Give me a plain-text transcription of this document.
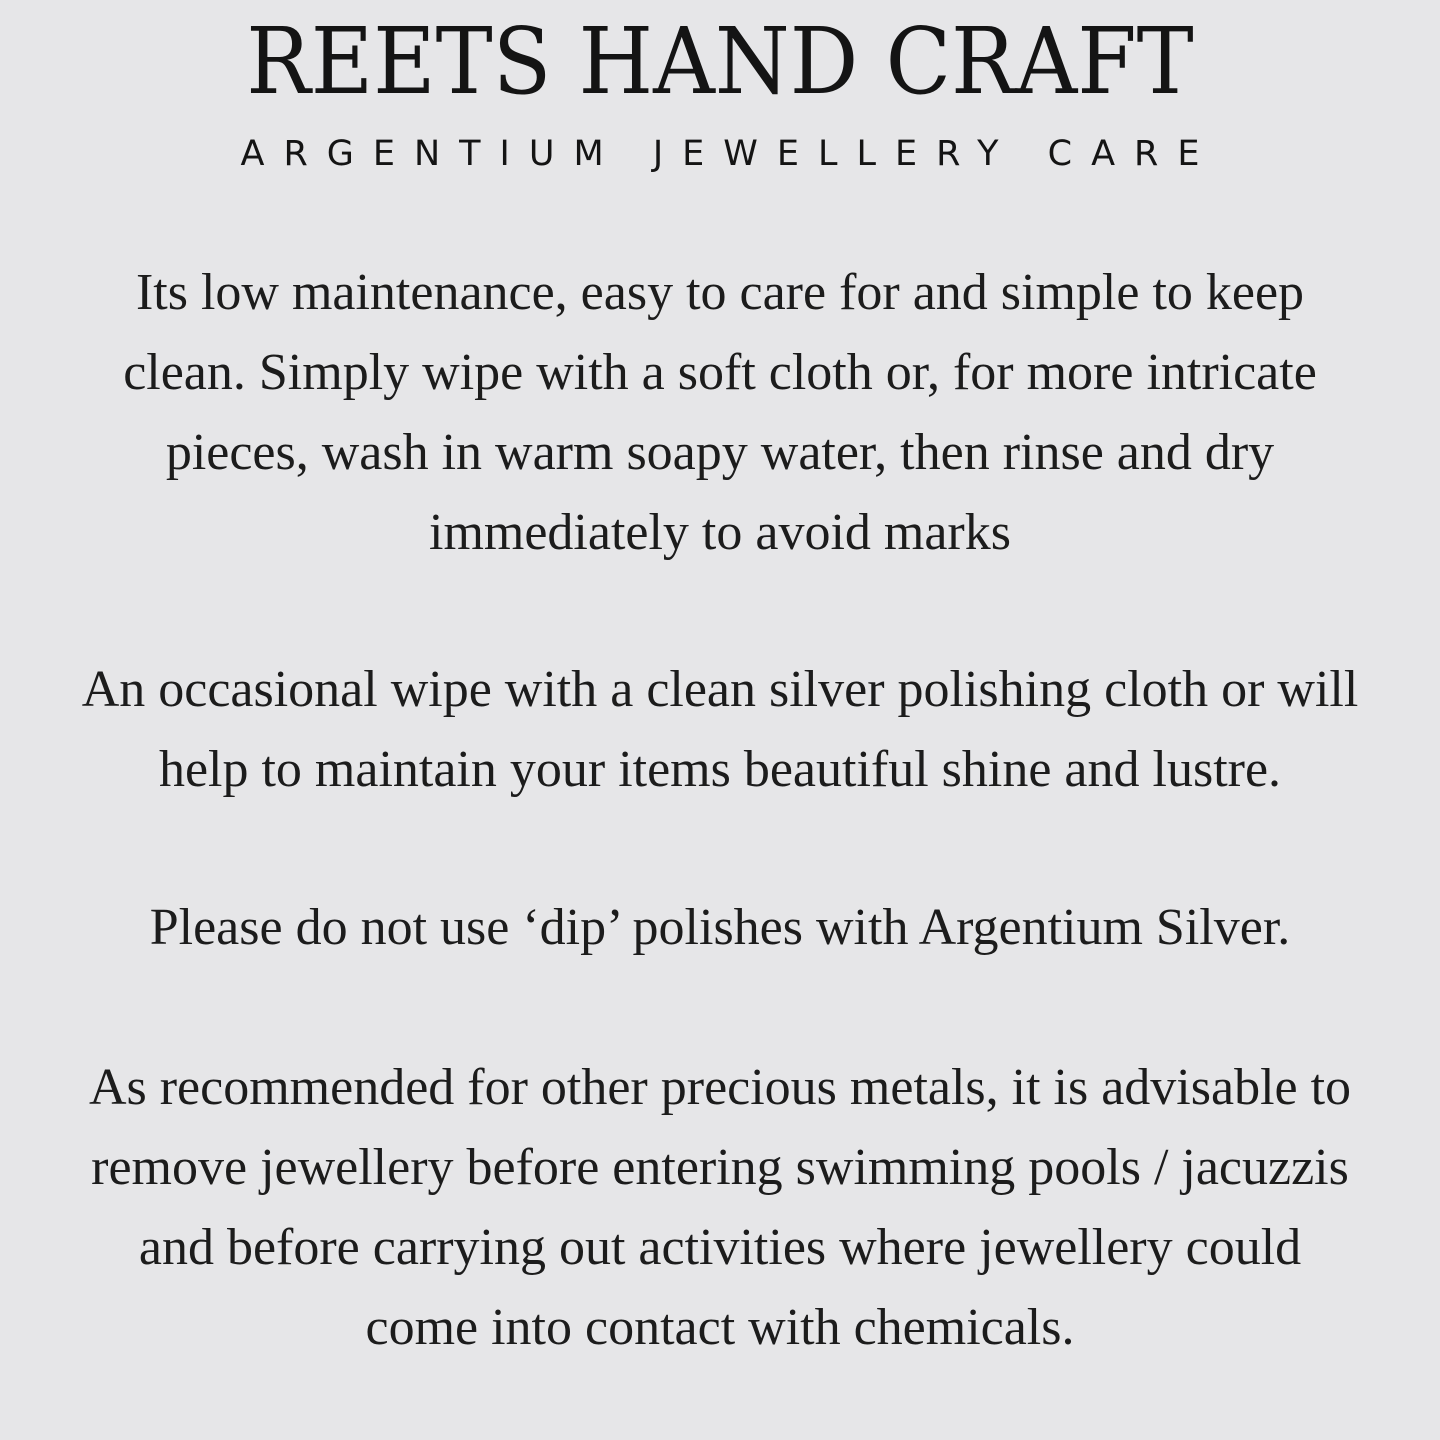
REETS HAND CRAFT
ARGENTIUM JEWELLERY CARE

Its low maintenance, easy to care for and simple to keep clean. Simply wipe with a soft cloth or, for more intricate pieces, wash in warm soapy water, then rinse and dry immediately to avoid marks

An occasional wipe with a clean silver polishing cloth or will help to maintain your items beautiful shine and lustre.

Please do not use ‘dip’ polishes with Argentium Silver.

As recommended for other precious metals, it is advisable to remove jewellery before entering swimming pools / jacuzzis and before carrying out activities where jewellery could come into contact with chemicals.
